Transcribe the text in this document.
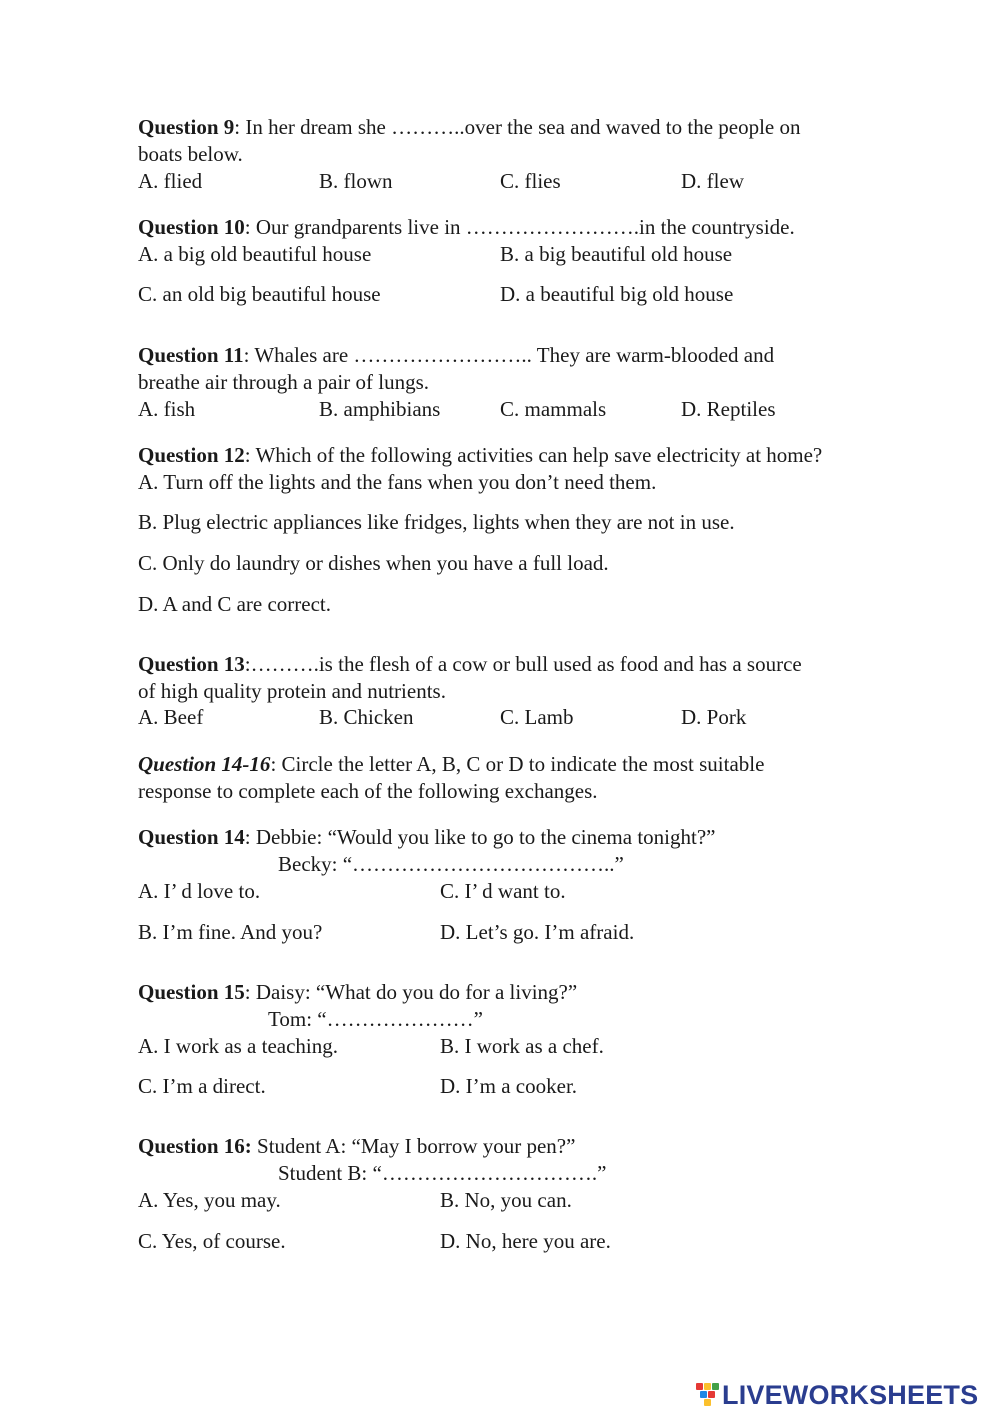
Question 9: In her dream she ………..over the sea and waved to the people on
boats below.
A. flied	B. flown	C. flies	D. flew
Question 10: Our grandparents live in …………………….in the countryside.
A. a big old beautiful house	B. a big beautiful old house
C. an old big beautiful house	D. a beautiful big old house
Question 11: Whales are …………………….. They are warm-blooded and
breathe air through a pair of lungs.
A. fish	B. amphibians	C. mammals	D. Reptiles
Question 12: Which of the following activities can help save electricity at home?
A. Turn off the lights and the fans when you don’t need them.
B. Plug electric appliances like fridges, lights when they are not in use.
C. Only do laundry or dishes when you have a full load.
D. A and C are correct.
Question 13:……….is the flesh of a cow or bull used as food and has a source
of high quality protein and nutrients.
A. Beef	B. Chicken	C. Lamb	D. Pork
Question 14-16: Circle the letter A, B, C or D to indicate the most suitable
response to complete each of the following exchanges.
Question 14: Debbie: “Would you like to go to the cinema tonight?”
Becky: “………………………………..”
A. I’ d love to.	C. I’ d want to.
B. I’m fine. And you?	D. Let’s go. I’m afraid.
Question 15: Daisy: “What do you do for a living?”
Tom: “…………………”
A. I work as a teaching.	B. I work as a chef.
C. I’m a direct.	D. I’m a cooker.
Question 16: Student A: “May I borrow your pen?”
Student B: “………………………….”
A. Yes, you may.	B. No, you can.
C. Yes, of course.	D. No, here you are.
LIVEWORKSHEETS
